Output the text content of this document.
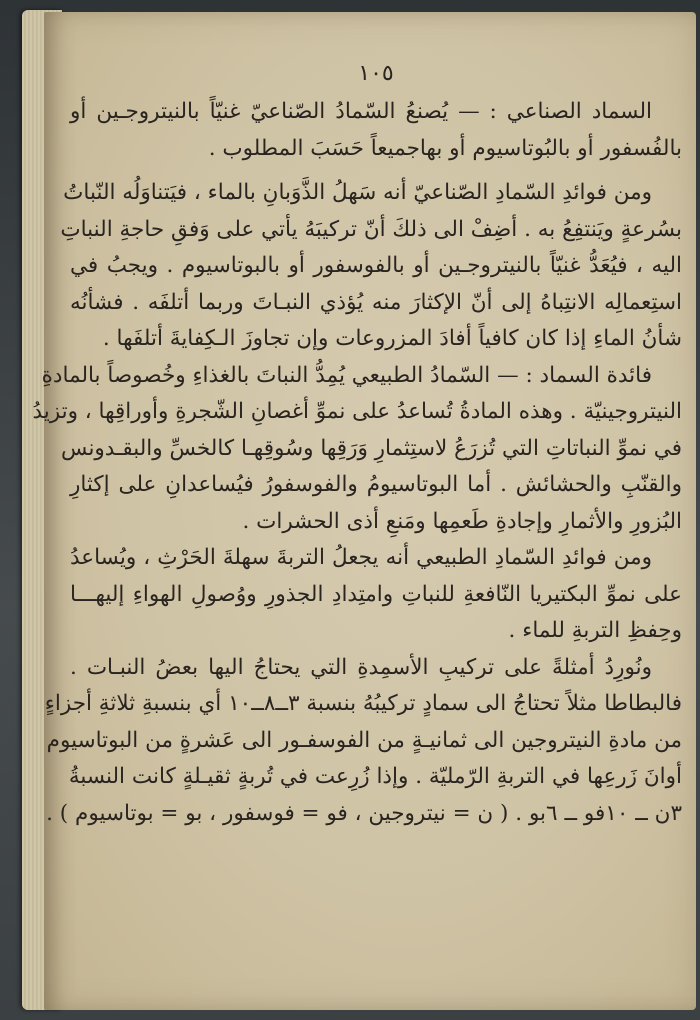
١٠٥
السماد الصناعي : — يُصنعُ السّمادُ الصّناعيّ غنيّاً بالنيتروجـين أو
بالفُسفور أو بالبُوتاسيوم أو بهاجميعاً حَسَبَ المطلوب .
ومن فوائدِ السّمادِ الصّناعيّ أنه سَهلُ الذَّوَبانِ بالماء ، فيَتناوَلُه النّباتُ
بسُرعةٍ ويَنتفِعُ به . أضِفْ الى ذلكَ أنّ تركيبَهُ يأتي على وَفقِ حاجةِ النباتِ
اليه ، فيُعَدُّ غنيّاً بالنيتروجـين أو بالفوسفور أو بالبوتاسيوم . ويجبُ في
استِعمالِه الانتِباهُ إلى أنّ الإكثارَ منه يُؤذي النبـاتَ وربما أتلفَه . فشأنُه
شأنُ الماءِ إذا كان كافياً أفادَ المزروعات وإن تجاوزَ الـكِفايةَ أتلفَها .
فائدة السماد : — السّمادُ الطبيعي يُمِدُّ النباتَ بالغذاءِ وخُصوصاً بالمادةِ
النيتروجينيّة . وهذه المادةُ تُساعدُ على نموِّ أغصانِ الشّجرةِ وأوراقِها ، وتزيدُ
في نموِّ النباتاتِ التي تُزرَعُ لاستِثمارِ وَرَقِها وسُوقِهـا كالخسِّ والبقـدونس
والقنّبِ والحشائش . أما البوتاسيومُ والفوسفورُ فيُساعدانِ على إكثارِ
البُزورِ والأثمارِ وإجادةِ طَعمِها ومَنعِ أذى الحشرات .
ومن فوائدِ السّمادِ الطبيعي أنه يجعلُ التربةَ سهلةَ الحَرْثِ ، ويُساعدُ
على نموِّ البكتيريا النّافعةِ للنباتِ وامتِدادِ الجذورِ ووُصولِ الهواءِ إليهـــا
وحِفظِ التربةِ للماء .
ونُورِدُ أمثلةً على تركيبِ الأسمِدةِ التي يحتاجُ اليها بعضُ النبـات .
فالبطاطا مثلاً تحتاجُ الى سمادٍ تركيبُهُ بنسبة ٣ــ٨ــ١٠ أي بنسبةِ ثلاثةِ أجزاءٍ
من مادةِ النيتروجين الى ثمانيـةٍ من الفوسفـور الى عَشرةٍ من البوتاسيوم
أوانَ زَرعِها في التربةِ الرّمليّة . وإذا زُرِعت في تُربةٍ ثقيـلةٍ كانت النسبةُ
٣ن ــ ١٠فو ــ ٦بو . ( ن = نيتروجين ، فو = فوسفور ، بو = بوتاسيوم ) .
